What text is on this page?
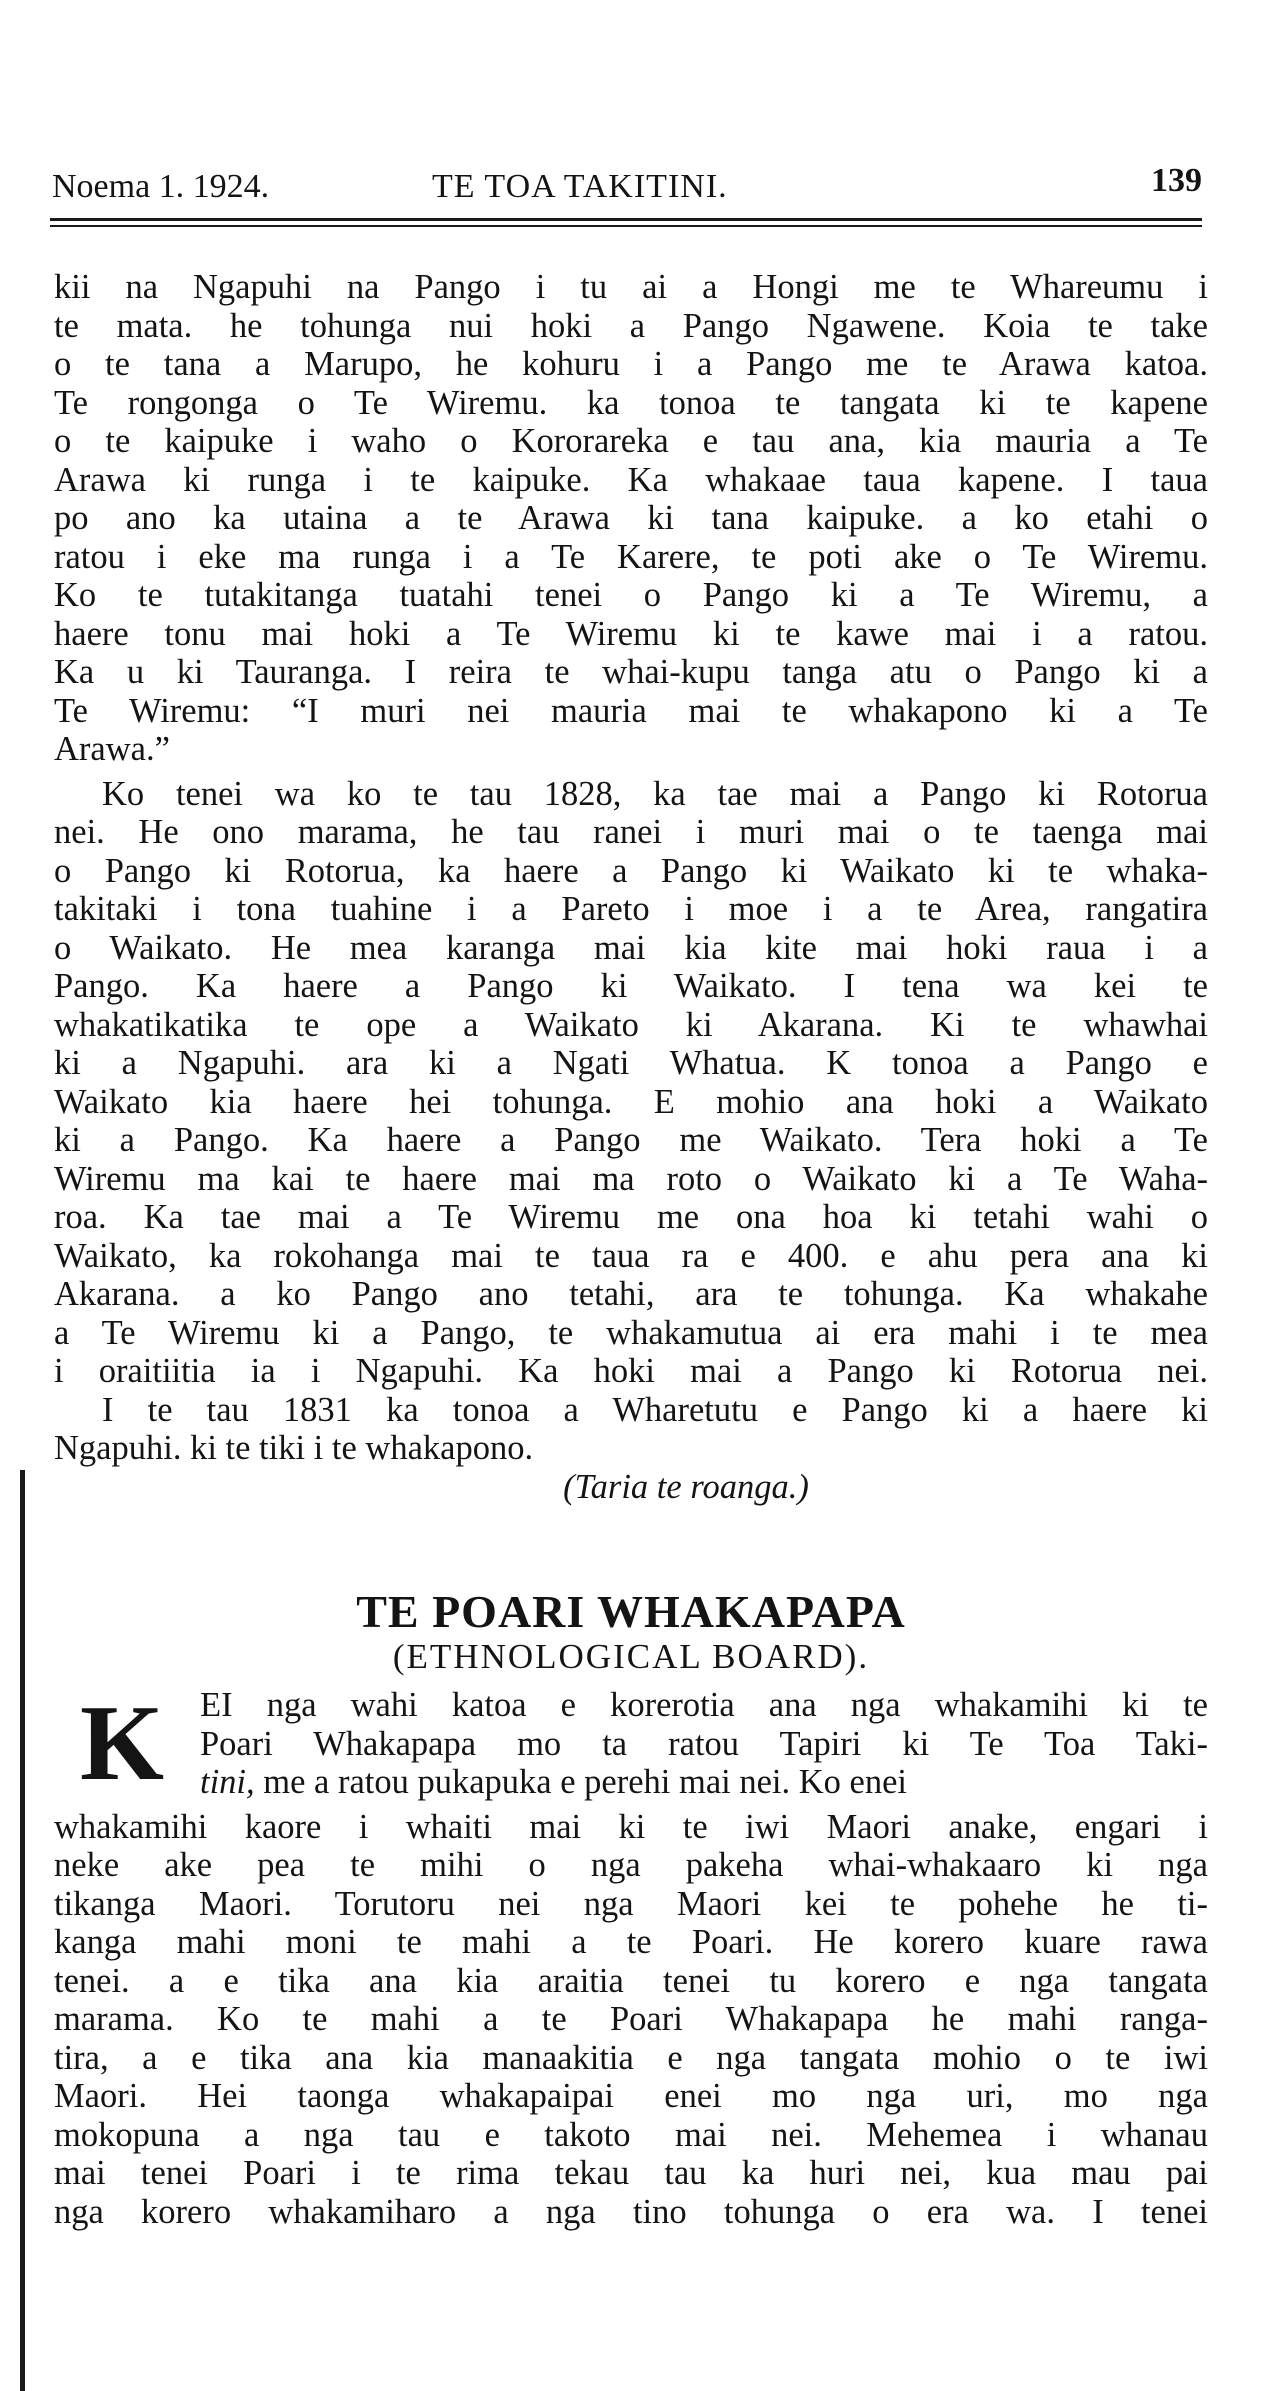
Noema 1. 1924.	TE TOA TAKITINI.	139
kii na Ngapuhi na Pango i tu ai a Hongi me te Whareumu i
te mata. he tohunga nui hoki a Pango Ngawene. Koia te take
o te tana a Marupo, he kohuru i a Pango me te Arawa katoa.
Te rongonga o Te Wiremu. ka tonoa te tangata ki te kapene
o te kaipuke i waho o Kororareka e tau ana, kia mauria a Te
Arawa ki runga i te kaipuke. Ka whakaae taua kapene. I taua
po ano ka utaina a te Arawa ki tana kaipuke. a ko etahi o
ratou i eke ma runga i a Te Karere, te poti ake o Te Wiremu.
Ko te tutakitanga tuatahi tenei o Pango ki a Te Wiremu, a
haere tonu mai hoki a Te Wiremu ki te kawe mai i a ratou.
Ka u ki Tauranga. I reira te whai-kupu tanga atu o Pango ki a
Te Wiremu: “I muri nei mauria mai te whakapono ki a Te
Arawa.”
Ko tenei wa ko te tau 1828, ka tae mai a Pango ki Rotorua
nei. He ono marama, he tau ranei i muri mai o te taenga mai
o Pango ki Rotorua, ka haere a Pango ki Waikato ki te whaka-
takitaki i tona tuahine i a Pareto i moe i a te Area, rangatira
o Waikato. He mea karanga mai kia kite mai hoki raua i a
Pango. Ka haere a Pango ki Waikato. I tena wa kei te
whakatikatika te ope a Waikato ki Akarana. Ki te whawhai
ki a Ngapuhi. ara ki a Ngati Whatua. K tonoa a Pango e
Waikato kia haere hei tohunga. E mohio ana hoki a Waikato
ki a Pango. Ka haere a Pango me Waikato. Tera hoki a Te
Wiremu ma kai te haere mai ma roto o Waikato ki a Te Waha-
roa. Ka tae mai a Te Wiremu me ona hoa ki tetahi wahi o
Waikato, ka rokohanga mai te taua ra e 400. e ahu pera ana ki
Akarana. a ko Pango ano tetahi, ara te tohunga. Ka whakahe
a Te Wiremu ki a Pango, te whakamutua ai era mahi i te mea
i oraitiitia ia i Ngapuhi. Ka hoki mai a Pango ki Rotorua nei.
I te tau 1831 ka tonoa a Wharetutu e Pango ki a haere ki
Ngapuhi. ki te tiki i te whakapono.
(Taria te roanga.)
TE POARI WHAKAPAPA
(ETHNOLOGICAL BOARD).
K EI nga wahi katoa e korerotia ana nga whakamihi ki te
Poari Whakapapa mo ta ratou Tapiri ki Te Toa Taki-
tini, me a ratou pukapuka e perehi mai nei. Ko enei
whakamihi kaore i whaiti mai ki te iwi Maori anake, engari i
neke ake pea te mihi o nga pakeha whai-whakaaro ki nga
tikanga Maori. Torutoru nei nga Maori kei te pohehe he ti-
kanga mahi moni te mahi a te Poari. He korero kuare rawa
tenei. a e tika ana kia araitia tenei tu korero e nga tangata
marama. Ko te mahi a te Poari Whakapapa he mahi ranga-
tira, a e tika ana kia manaakitia e nga tangata mohio o te iwi
Maori. Hei taonga whakapaipai enei mo nga uri, mo nga
mokopuna a nga tau e takoto mai nei. Mehemea i whanau
mai tenei Poari i te rima tekau tau ka huri nei, kua mau pai
nga korero whakamiharo a nga tino tohunga o era wa. I tenei
